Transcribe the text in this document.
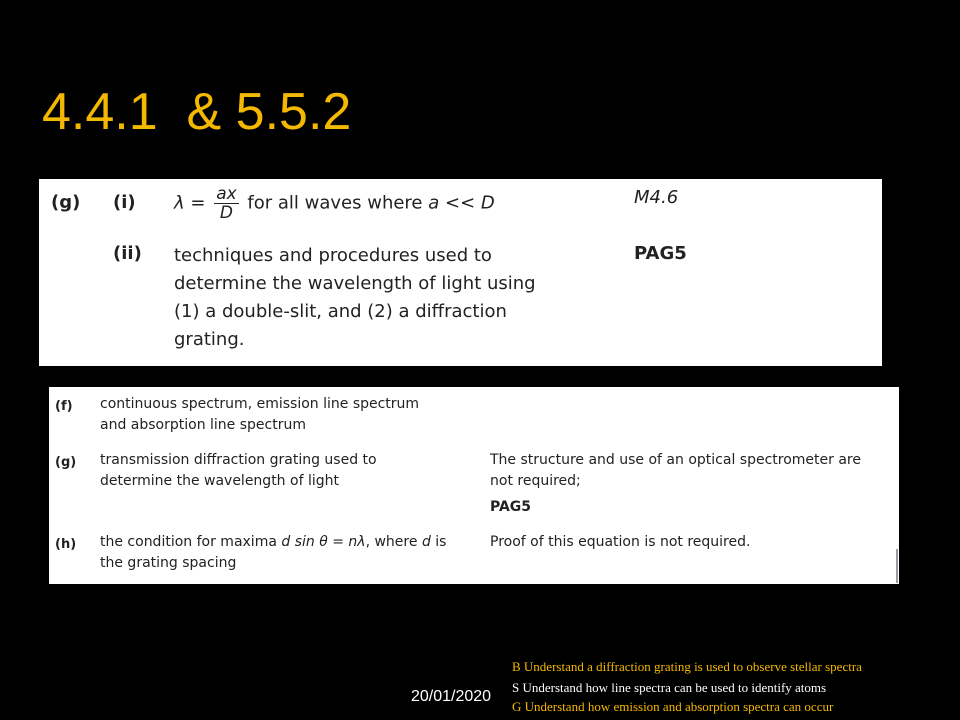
4.4.1  & 5.5.2
(g) (i) $\lambda = \frac{ax}{D}$ for all waves where a << D	M4.6
(ii) techniques and procedures used to
determine the wavelength of light using
(1) a double-slit, and (2) a diffraction
grating.
PAG5
(f) continuous spectrum, emission line spectrum
and absorption line spectrum
(g) transmission diffraction grating used to
determine the wavelength of light
The structure and use of an optical spectrometer are
not required;
PAG5
(h) the condition for maxima d sin θ = nλ, where d is
the grating spacing
Proof of this equation is not required.
20/01/2020
B Understand a diffraction grating is used to observe stellar spectra
S Understand how line spectra can be used to identify atoms
G Understand how emission and absorption spectra can occur
